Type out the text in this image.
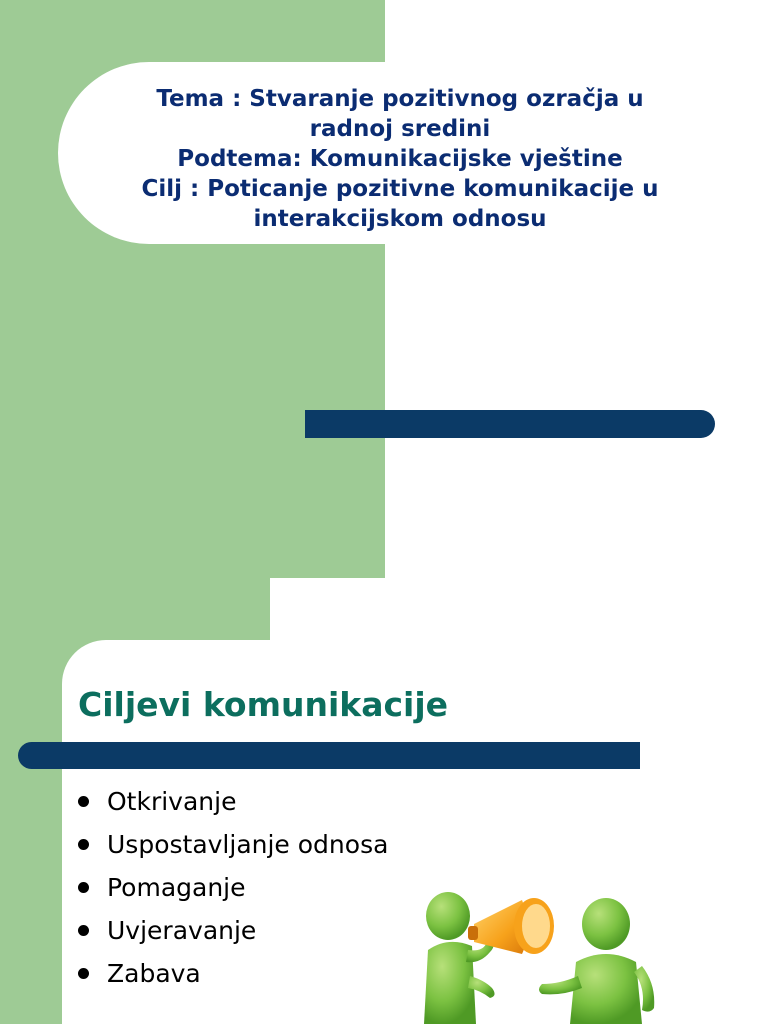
Tema : Stvaranje pozitivnog ozračja u
radnoj sredini
Podtema: Komunikacijske vještine
Cilj : Poticanje pozitivne komunikacije u
interakcijskom odnosu
Ciljevi komunikacije
Otkrivanje
Uspostavljanje odnosa
Pomaganje
Uvjeravanje
Zabava
